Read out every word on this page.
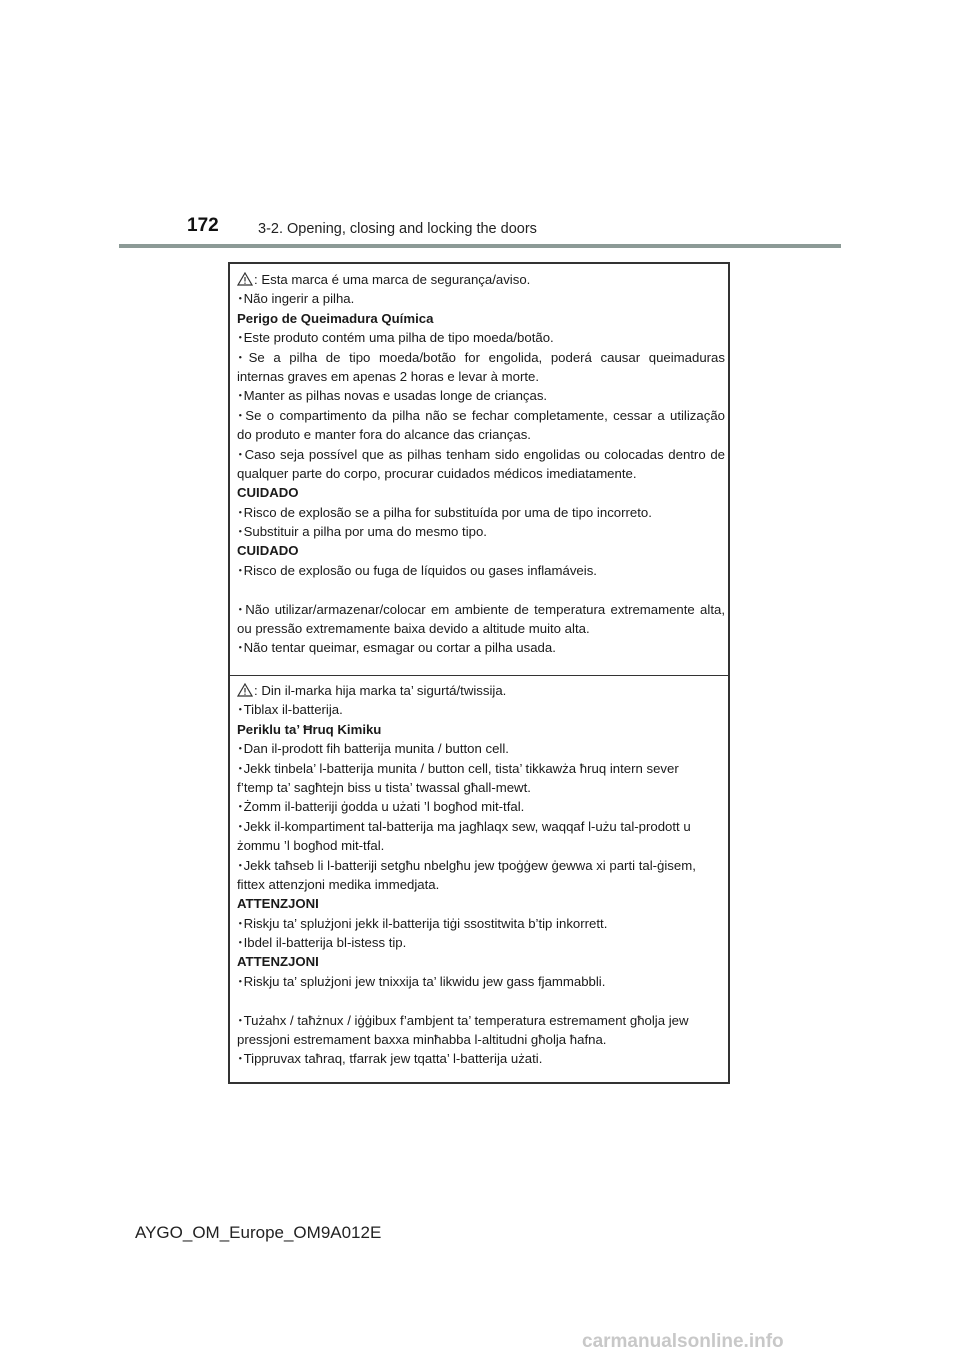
172	3-2. Opening, closing and locking the doors
: Esta marca é uma marca de segurança/aviso.
･Não ingerir a pilha.
Perigo de Queimadura Química
･Este produto contém uma pilha de tipo moeda/botão.
･Se a pilha de tipo moeda/botão for engolida, poderá causar queimaduras
internas graves em apenas 2 horas e levar à morte.
･Manter as pilhas novas e usadas longe de crianças.
･Se o compartimento da pilha não se fechar completamente, cessar a utilização
do produto e manter fora do alcance das crianças.
･Caso seja possível que as pilhas tenham sido engolidas ou colocadas dentro de
qualquer parte do corpo, procurar cuidados médicos imediatamente.
CUIDADO
･Risco de explosão se a pilha for substituída por uma de tipo incorreto.
･Substituir a pilha por uma do mesmo tipo.
CUIDADO
･Risco de explosão ou fuga de líquidos ou gases inflamáveis.
･Não utilizar/armazenar/colocar em ambiente de temperatura extremamente alta,
ou pressão extremamente baixa devido a altitude muito alta.
･Não tentar queimar, esmagar ou cortar a pilha usada.
: Din il-marka hija marka ta’ sigurtá/twissija.
･Tiblax il-batterija.
Periklu ta’ Ħruq Kimiku
･Dan il-prodott fih batterija munita / button cell.
･Jekk tinbela’ l-batterija munita / button cell, tista’ tikkawża ħruq intern sever
f’temp ta’ sagħtejn biss u tista’ twassal għall-mewt.
･Żomm il-batteriji ġodda u użati ’l bogħod mit-tfal.
･Jekk il-kompartiment tal-batterija ma jagħlaqx sew, waqqaf l-użu tal-prodott u
żommu ’l bogħod mit-tfal.
･Jekk taħseb li l-batteriji setgħu nbelgħu jew tpoġġew ġewwa xi parti tal-ġisem,
fittex attenzjoni medika immedjata.
ATTENZJONI
･Riskju ta’ splużjoni jekk il-batterija tiġi ssostitwita b’tip inkorrett.
･Ibdel il-batterija bl-istess tip.
ATTENZJONI
･Riskju ta’ splużjoni jew tnixxija ta’ likwidu jew gass fjammabbli.
･Tużahx / taħżnux / iġġibux f’ambjent ta’ temperatura estremament għolja jew
pressjoni estremament baxxa minħabba l-altitudni għolja ħafna.
･Tippruvax taħraq, tfarrak jew tqatta’ l-batterija użati.
AYGO_OM_Europe_OM9A012E
carmanualsonline.info
